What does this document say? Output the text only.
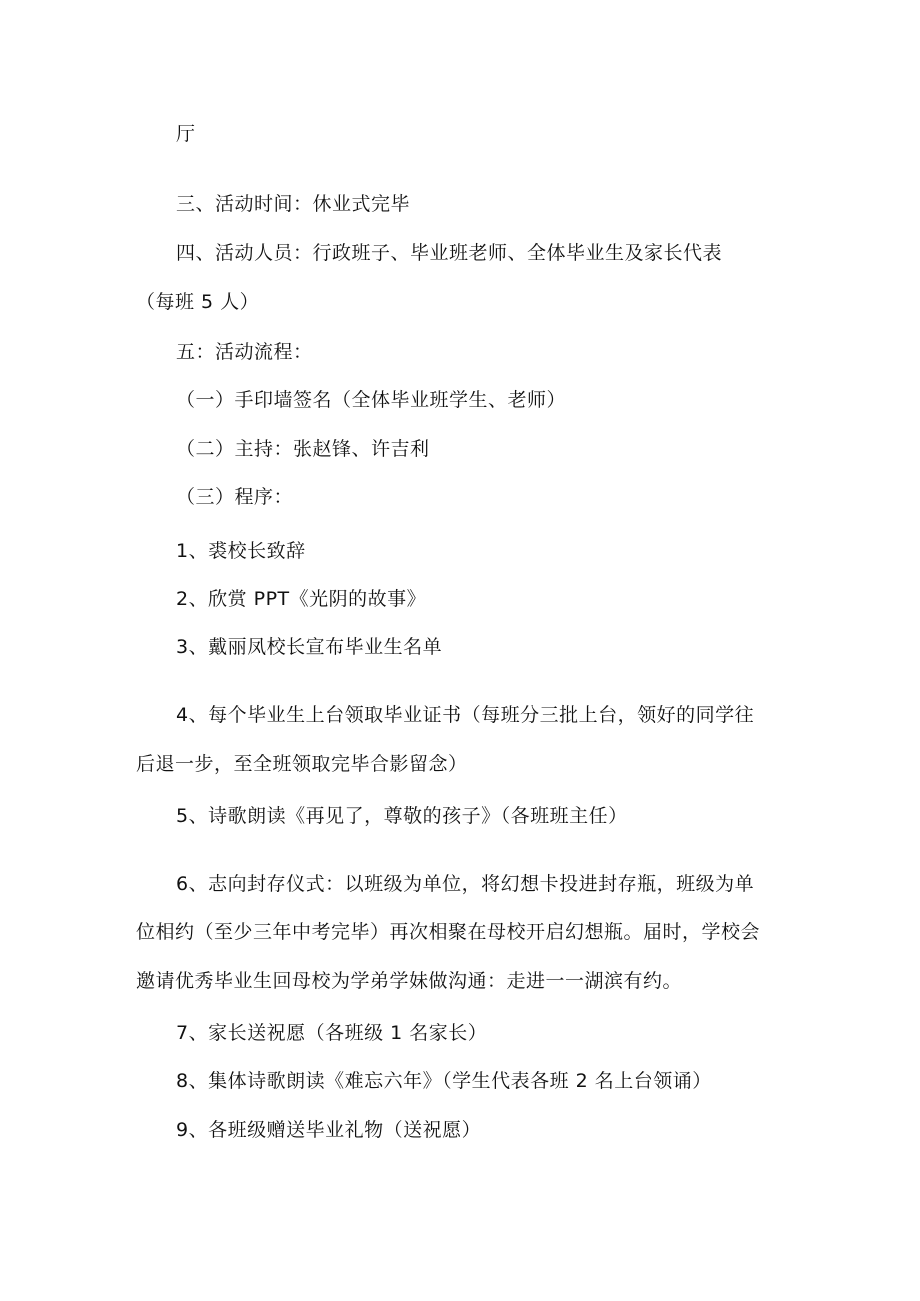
厅
三、活动时间：休业式完毕
四、活动人员：行政班子、毕业班老师、全体毕业生及家长代表
（每班 5 人）
五：活动流程：
（一）手印墙签名（全体毕业班学生、老师）
（二）主持：张赵锋、许吉利
（三）程序：
1、裘校长致辞
2、欣赏 PPT《光阴的故事》
3、戴丽凤校长宣布毕业生名单
4、每个毕业生上台领取毕业证书（每班分三批上台，领好的同学往
后退一步，至全班领取完毕合影留念）
5、诗歌朗读《再见了，尊敬的孩子》（各班班主任）
6、志向封存仪式：以班级为单位，将幻想卡投进封存瓶，班级为单
位相约（至少三年中考完毕）再次相聚在母校开启幻想瓶。届时，学校会
邀请优秀毕业生回母校为学弟学妹做沟通：走进一一湖滨有约。
7、家长送祝愿（各班级 1 名家长）
8、集体诗歌朗读《难忘六年》（学生代表各班 2 名上台领诵）
9、各班级赠送毕业礼物（送祝愿）
